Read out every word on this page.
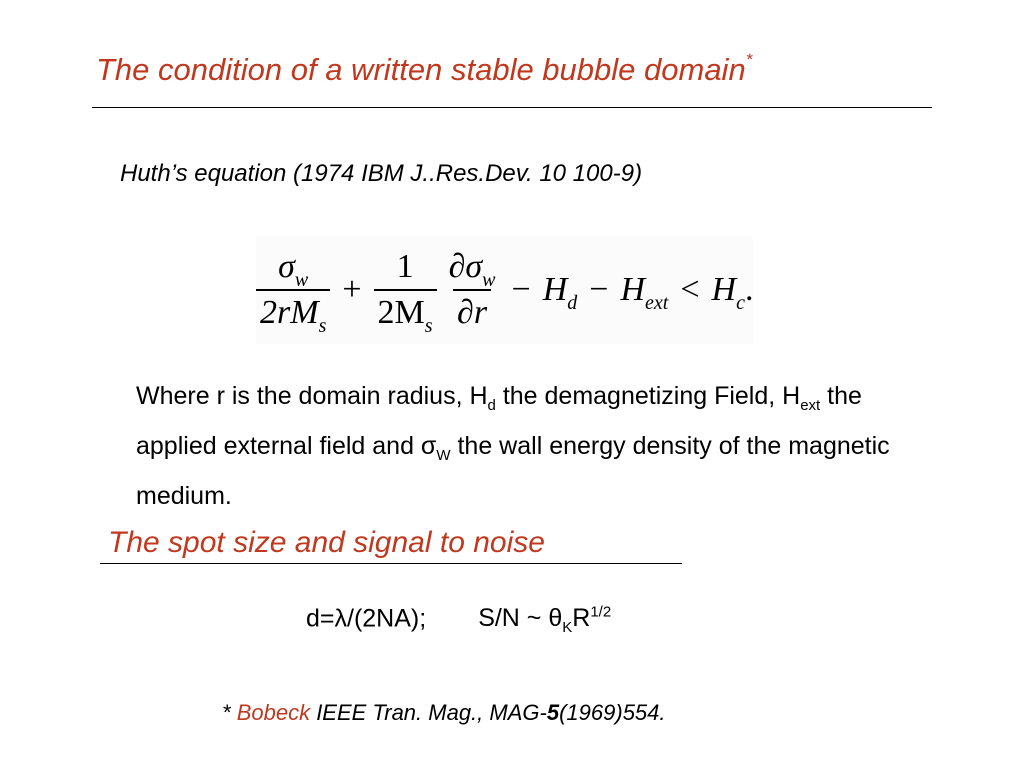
The condition of a written stable bubble domain*
Huth’s equation (1974 IBM J..Res.Dev. 10 100-9)
$\frac{\sigma_w}{2rM_s} + \frac{1}{2M_s} \frac{\partial\sigma_w}{\partial r} - H_d - H_{ext} < H_c$.
Where r is the domain radius, $H_d$ the demagnetizing Field, $H_{ext}$ the applied external field and $\sigma_W$ the wall energy density of the magnetic medium.
The spot size and signal to noise
d=λ/(2NA); S/N ~ $\theta_KR^{1/2}$
* Bobeck IEEE Tran. Mag., MAG-5(1969)554.
